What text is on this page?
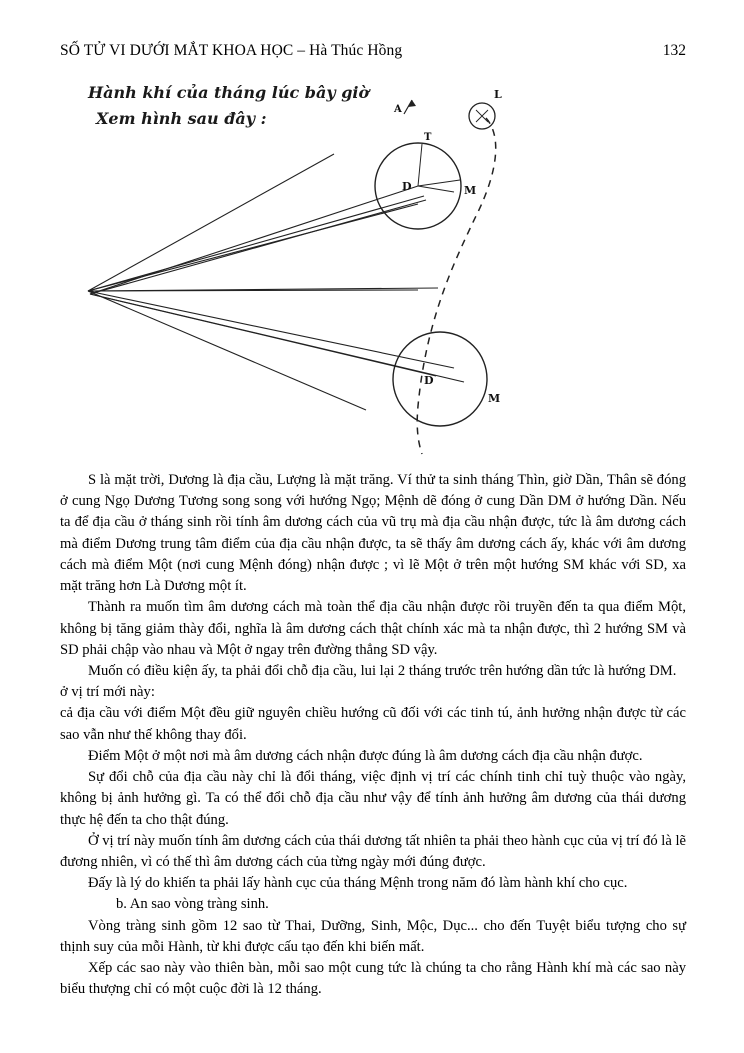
SỐ TỬ VI DƯỚI MẮT KHOA HỌC – Hà Thúc Hồng	132
D	M
T
L
A
D
M
Hành khí của tháng lúc bây giờ
Xem hình sau đây :

S là mặt trời, Dương là địa cầu, Lượng là mặt trăng. Ví thử ta sinh tháng Thìn, giờ Dần, Thân sẽ đóng ở cung Ngọ Dương Tương song song với hướng Ngọ; Mệnh dẽ đóng ở cung Dần DM ở hướng Dần. Nếu ta để địa cầu ở tháng sinh rồi tính âm dương cách của vũ trụ mà địa cầu nhận được, tức là âm dương cách mà điểm Dương trung tâm điểm của địa cầu nhận được, ta sẽ thấy âm dương cách ấy, khác với âm dương cách mà điểm Một (nơi cung Mệnh đóng) nhận được ; vì lẽ Một ở trên một hướng SM khác với SD, xa mặt trăng hơn Là Dương một ít.

Thành ra muốn tìm âm dương cách mà toàn thể địa cầu nhận được rồi truyền đến ta qua điểm Một, không bị tăng giảm thày đổi, nghĩa là âm dương cách thật chính xác mà ta nhận được, thì 2 hướng SM và SD phải chập vào nhau và Một ở ngay trên đường thẳng SD vậy.

Muốn có điều kiện ấy, ta phải đổi chỗ địa cầu, lui lại 2 tháng trước trên hướng dần tức là hướng DM.

ở vị trí mới này:

cả địa cầu với điểm Một đều giữ nguyên chiều hướng cũ đối với các tinh tú, ảnh hưởng nhận được từ các sao vẫn như thế không thay đổi.

Điểm Một ở một nơi mà âm dương cách nhận được đúng là âm dương cách địa cầu nhận được.

Sự đổi chỗ của địa cầu này chỉ là đổi tháng, việc định vị trí các chính tinh chỉ tuỳ thuộc vào ngày, không bị ảnh hưởng gì. Ta có thể đổi chỗ địa cầu như vậy để tính ảnh hưởng âm dương của thái dương thực hệ đến ta cho thật đúng.

Ở vị trí này muốn tính âm dương cách của thái dương tất nhiên ta phải theo hành cục của vị trí đó là lẽ đương nhiên, vì có thế thì âm dương cách của từng ngày mới đúng được.

Đấy là lý do khiến ta phải lấy hành cục của tháng Mệnh trong năm đó làm hành khí cho cục.

b. An sao vòng tràng sinh.

Vòng tràng sinh gồm 12 sao từ Thai, Dưỡng, Sinh, Mộc, Dục... cho đến Tuyệt biểu tượng cho sự thịnh suy của mỗi Hành, từ khi được cấu tạo đến khi biến mất.

Xếp các sao này vào thiên bàn, mỗi sao một cung tức là chúng ta cho rằng Hành khí mà các sao này biểu thượng chỉ có một cuộc đời là 12 tháng.
